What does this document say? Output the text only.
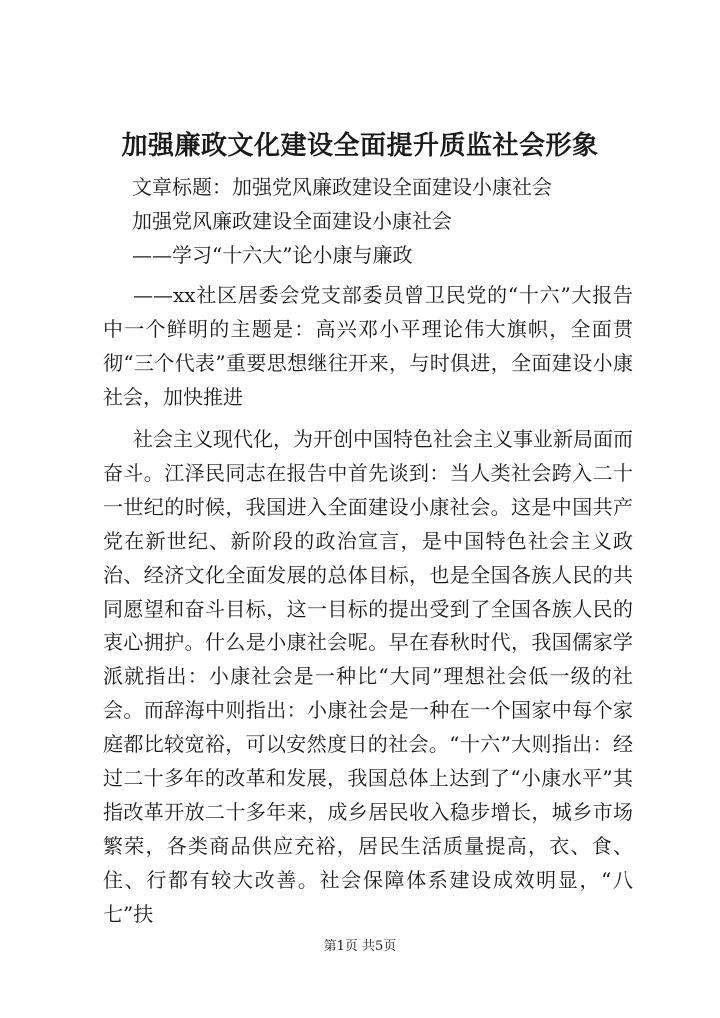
加强廉政文化建设全面提升质监社会形象
文章标题：加强党风廉政建设全面建设小康社会
加强党风廉政建设全面建设小康社会
——学习“十六大”论小康与廉政
——xx社区居委会党支部委员曾卫民党的“十六”大报告中一个鲜明的主题是：高兴邓小平理论伟大旗帜，全面贯彻“三个代表”重要思想继往开来，与时俱进，全面建设小康社会，加快推进
社会主义现代化，为开创中国特色社会主义事业新局面而奋斗。江泽民同志在报告中首先谈到：当人类社会跨入二十一世纪的时候，我国进入全面建设小康社会。这是中国共产党在新世纪、新阶段的政治宣言，是中国特色社会主义政治、经济文化全面发展的总体目标，也是全国各族人民的共同愿望和奋斗目标，这一目标的提出受到了全国各族人民的衷心拥护。什么是小康社会呢。早在春秋时代，我国儒家学派就指出：小康社会是一种比“大同”理想社会低一级的社会。而辞海中则指出：小康社会是一种在一个国家中每个家庭都比较宽裕，可以安然度日的社会。“十六”大则指出：经过二十多年的改革和发展，我国总体上达到了“小康水平”其指改革开放二十多年来，成乡居民收入稳步增长，城乡市场繁荣，各类商品供应充裕，居民生活质量提高，衣、食、住、行都有较大改善。社会保障体系建设成效明显，“八七”扶
第1页 共5页
